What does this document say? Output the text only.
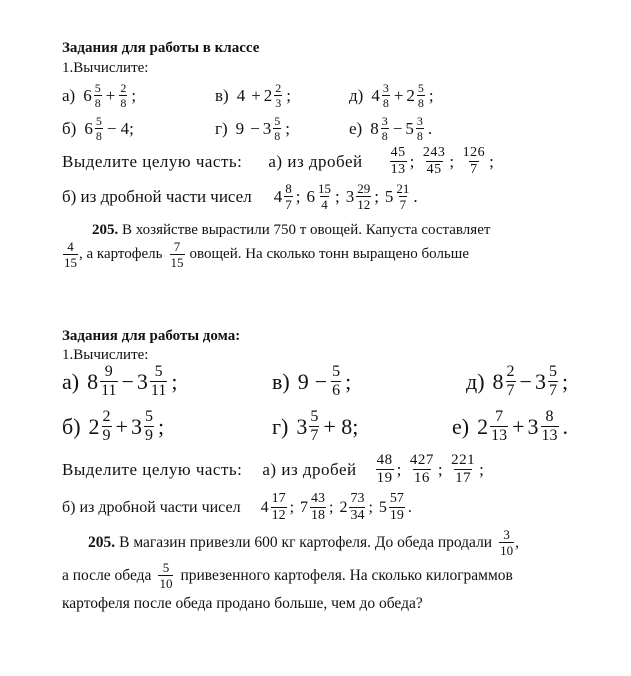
Задания для работы в классе
1.Вычислите:
а) $6 \frac{5}{8} + \frac{2}{8}$ ;	в) $4 + 2 \frac{2}{3}$ ;	д) $4 \frac{3}{8} + 2 \frac{5}{8}$ ;
б) $6 \frac{5}{8} - 4$;	г) $9 - 3 \frac{5}{8}$ ;	е) $8 \frac{3}{8} - 5 \frac{3}{8}$ .
Выделите целую часть: а) из дробей $\frac{45}{13}$ ; $\frac{243}{45}$ ; $\frac{126}{7}$ ;
б) из дробной части чисел $4 \frac{8}{7}$ ; $6 \frac{15}{4}$ ; $3 \frac{29}{12}$ ; $5 \frac{21}{7}$ .
205. В хозяйстве вырастили 750 т овощей. Капуста составляет
$\frac{4}{15}$ , а картофель $\frac{7}{15}$ овощей. На сколько тонн выращено больше
Задания для работы дома:
1.Вычислите:
а) $8 \frac{9}{11} - 3 \frac{5}{11}$ ;	в) $9 - \frac{5}{6}$ ;	д) $8 \frac{2}{7} - 3 \frac{5}{7}$ ;
б) $2 \frac{2}{9} + 3 \frac{5}{9}$ ;	г) $3 \frac{5}{7} + 8$;	е) $2 \frac{7}{13} + 3 \frac{8}{13}$ .
Выделите целую часть: а) из дробей $\frac{48}{19}$ ; $\frac{427}{16}$ ; $\frac{221}{17}$ ;
б) из дробной части чисел $4 \frac{17}{12}$ ; $7 \frac{43}{18}$ ; $2 \frac{73}{34}$ ; $5 \frac{57}{19}$ .
205. В магазин привезли 600 кг картофеля. До обеда продали $\frac{3}{10}$ ,
а после обеда $\frac{5}{10}$ привезенного картофеля. На сколько килограммов
картофеля после обеда продано больше, чем до обеда?
